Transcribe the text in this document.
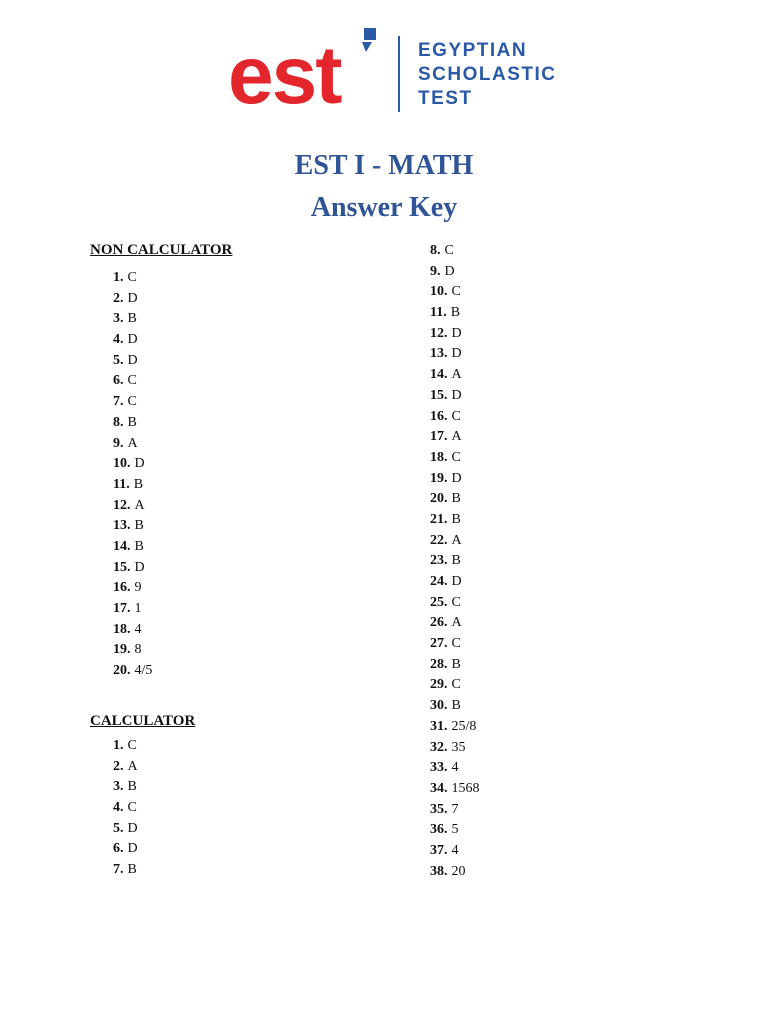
est	EGYPTIAN
SCHOLASTIC
TEST
EST I - MATH
Answer Key
NON CALCULATOR
1. C
2. D
3. B
4. D
5. D
6. C
7. C
8. B
9. A
10. D
11. B
12. A
13. B
14. B
15. D
16. 9
17. 1
18. 4
19. 8
20. 4/5
CALCULATOR
1. C
2. A
3. B
4. C
5. D
6. D
7. B
8. C
9. D
10. C
11. B
12. D
13. D
14. A
15. D
16. C
17. A
18. C
19. D
20. B
21. B
22. A
23. B
24. D
25. C
26. A
27. C
28. B
29. C
30. B
31. 25/8
32. 35
33. 4
34. 1568
35. 7
36. 5
37. 4
38. 20
